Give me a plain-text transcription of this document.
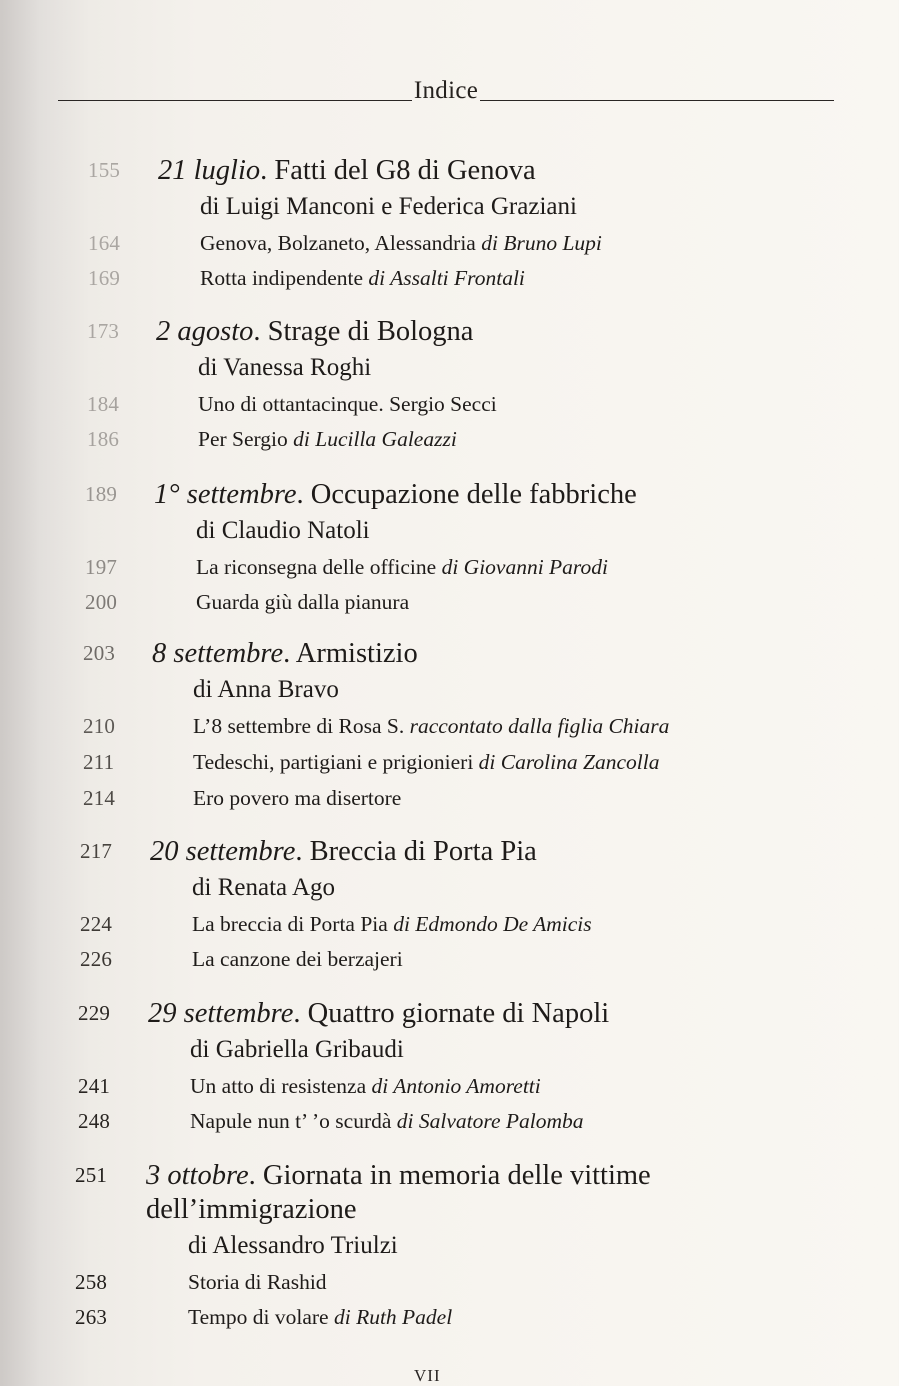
Indice
155 21 luglio. Fatti del G8 di Genova
di Luigi Manconi e Federica Graziani
164	Genova, Bolzaneto, Alessandria di Bruno Lupi
169	Rotta indipendente di Assalti Frontali
173 2 agosto. Strage di Bologna
di Vanessa Roghi
184	Uno di ottantacinque. Sergio Secci
186	Per Sergio di Lucilla Galeazzi
189 1° settembre. Occupazione delle fabbriche
di Claudio Natoli
197	La riconsegna delle officine di Giovanni Parodi
200	Guarda giù dalla pianura
203 8 settembre. Armistizio
di Anna Bravo
210	L’8 settembre di Rosa S. raccontato dalla figlia Chiara
211	Tedeschi, partigiani e prigionieri di Carolina Zancolla
214	Ero povero ma disertore
217 20 settembre. Breccia di Porta Pia
di Renata Ago
224	La breccia di Porta Pia di Edmondo De Amicis
226	La canzone dei berzajeri
229 29 settembre. Quattro giornate di Napoli
di Gabriella Gribaudi
241	Un atto di resistenza di Antonio Amoretti
248	Napule nun t’ ’o scurdà di Salvatore Palomba
251 3 ottobre. Giornata in memoria delle vittime
dell’immigrazione
di Alessandro Triulzi
258	Storia di Rashid
263	Tempo di volare di Ruth Padel
VII
